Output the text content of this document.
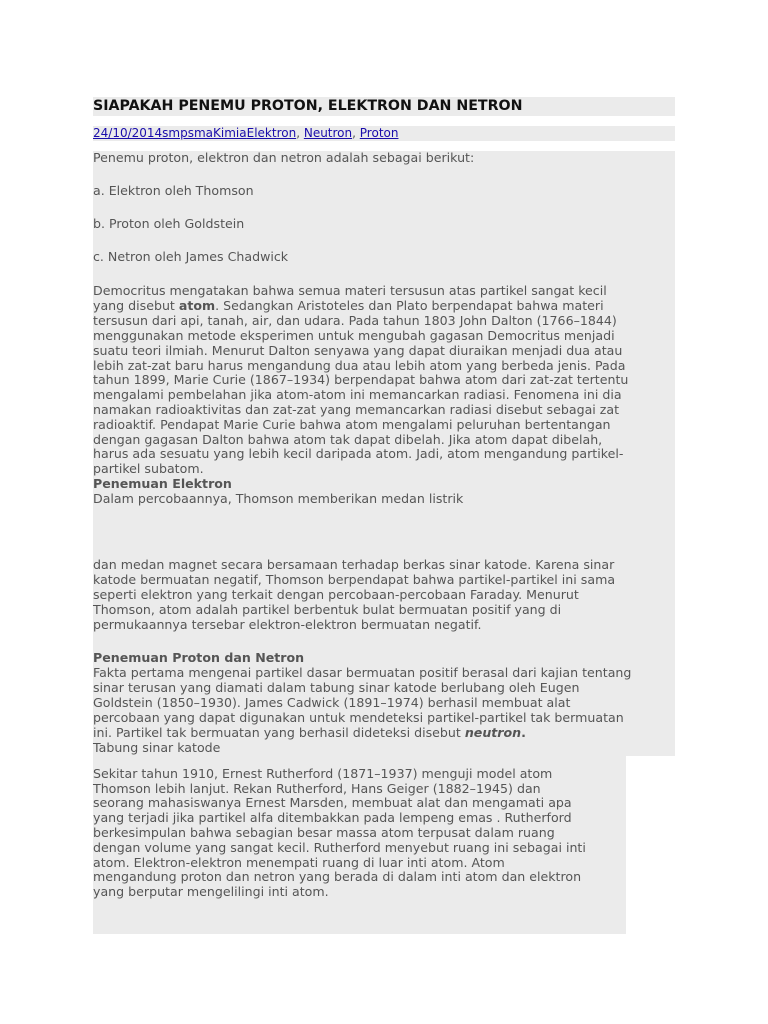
SIAPAKAH PENEMU PROTON, ELEKTRON DAN NETRON
24/10/2014smpsmaKimiaElektron, Neutron, Proton

Penemu proton, elektron dan netron adalah sebagai berikut:

a. Elektron oleh Thomson

b. Proton oleh Goldstein

c. Netron oleh James Chadwick

Democritus mengatakan bahwa semua materi tersusun atas partikel sangat kecil

yang disebut atom. Sedangkan Aristoteles dan Plato berpendapat bahwa materi

tersusun dari api, tanah, air, dan udara. Pada tahun 1803 John Dalton (1766–1844)

menggunakan metode eksperimen untuk mengubah gagasan Democritus menjadi

suatu teori ilmiah. Menurut Dalton senyawa yang dapat diuraikan menjadi dua atau

lebih zat-zat baru harus mengandung dua atau lebih atom yang berbeda jenis. Pada

tahun 1899, Marie Curie (1867–1934) berpendapat bahwa atom dari zat-zat tertentu

mengalami pembelahan jika atom-atom ini memancarkan radiasi. Fenomena ini dia

namakan radioaktivitas dan zat-zat yang memancarkan radiasi disebut sebagai zat

radioaktif. Pendapat Marie Curie bahwa atom mengalami peluruhan bertentangan

dengan gagasan Dalton bahwa atom tak dapat dibelah. Jika atom dapat dibelah,

harus ada sesuatu yang lebih kecil daripada atom. Jadi, atom mengandung partikel-

partikel subatom.

Penemuan Elektron

Dalam percobaannya, Thomson memberikan medan listrik

dan medan magnet secara bersamaan terhadap berkas sinar katode. Karena sinar

katode bermuatan negatif, Thomson berpendapat bahwa partikel-partikel ini sama

seperti elektron yang terkait dengan percobaan-percobaan Faraday. Menurut

Thomson, atom adalah partikel berbentuk bulat bermuatan positif yang di

permukaannya tersebar elektron-elektron bermuatan negatif.

Penemuan Proton dan Netron

Fakta pertama mengenai partikel dasar bermuatan positif berasal dari kajian tentang

sinar terusan yang diamati dalam tabung sinar katode berlubang oleh Eugen

Goldstein (1850–1930). James Cadwick (1891–1974) berhasil membuat alat

percobaan yang dapat digunakan untuk mendeteksi partikel-partikel tak bermuatan

ini. Partikel tak bermuatan yang berhasil dideteksi disebut neutron.

Tabung sinar katode

Sekitar tahun 1910, Ernest Rutherford (1871–1937) menguji model atom

Thomson lebih lanjut. Rekan Rutherford, Hans Geiger (1882–1945) dan

seorang mahasiswanya Ernest Marsden, membuat alat dan mengamati apa

yang terjadi jika partikel alfa ditembakkan pada lempeng emas . Rutherford

berkesimpulan bahwa sebagian besar massa atom terpusat dalam ruang

dengan volume yang sangat kecil. Rutherford menyebut ruang ini sebagai inti

atom. Elektron-elektron menempati ruang di luar inti atom. Atom

mengandung proton dan netron yang berada di dalam inti atom dan elektron

yang berputar mengelilingi inti atom.
